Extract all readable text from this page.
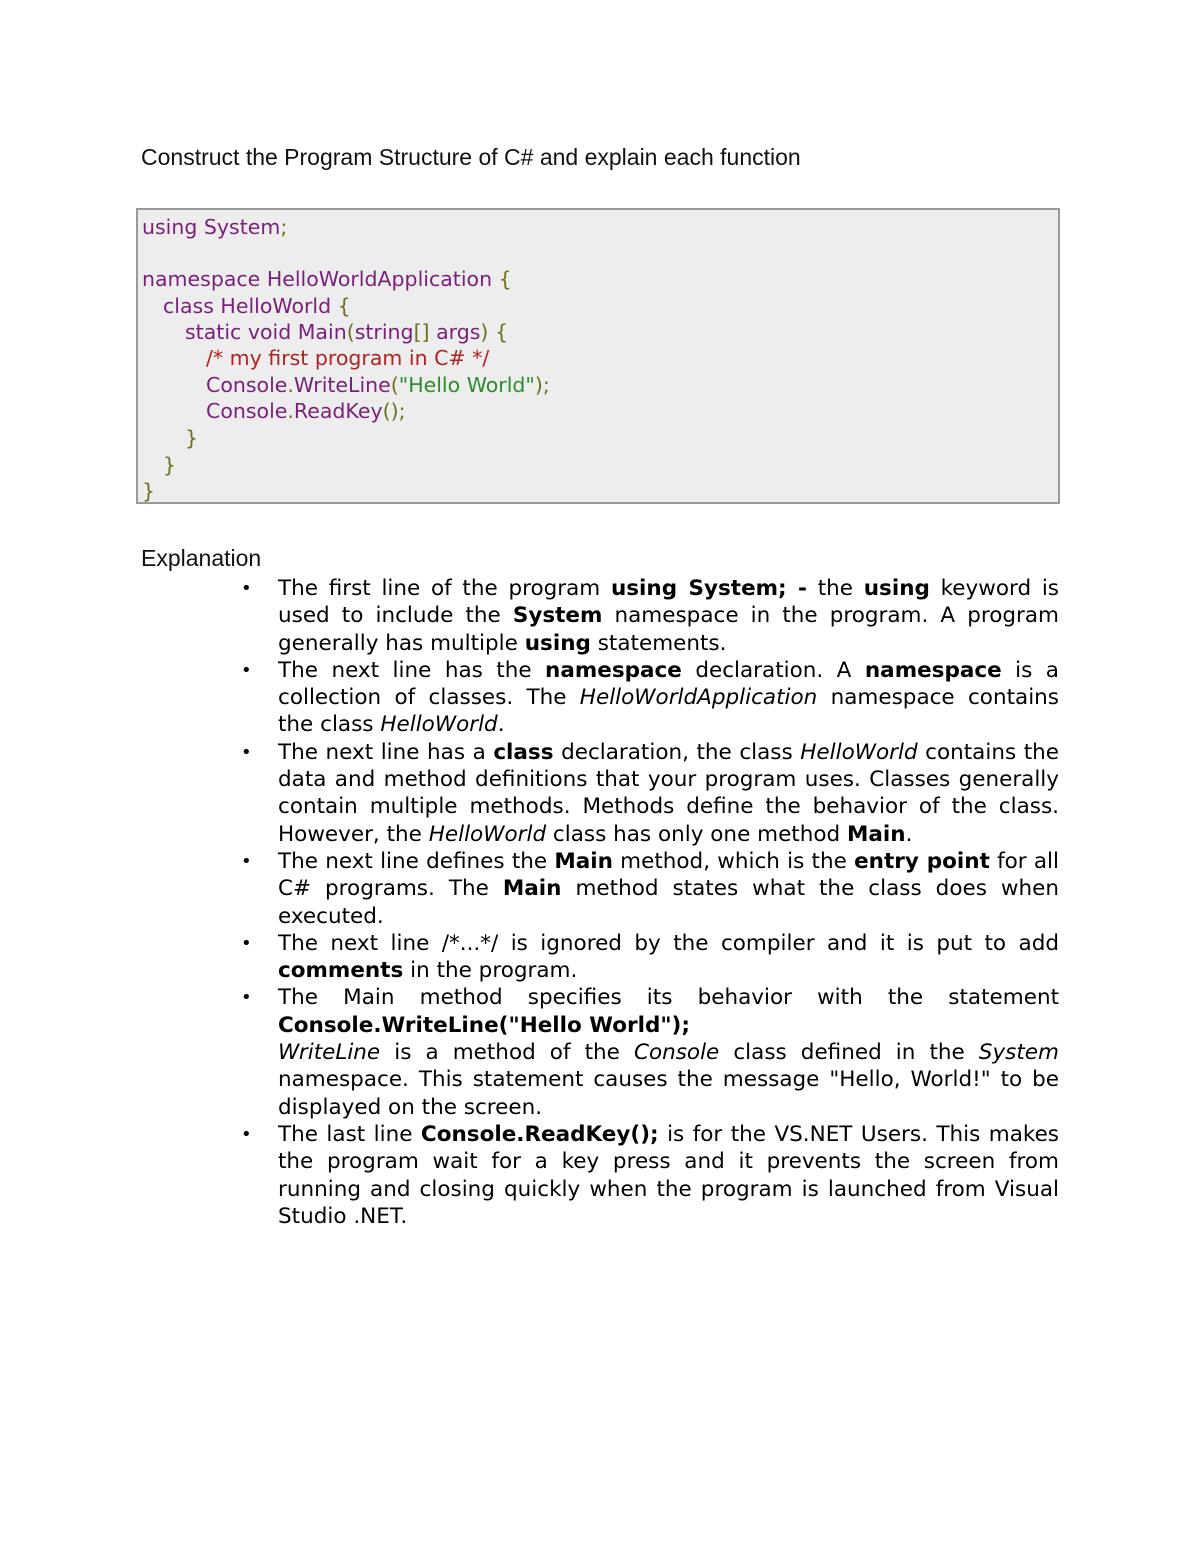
Construct the Program Structure of C# and explain each function
using System;
namespace HelloWorldApplication {
class HelloWorld {
static void Main(string[] args) {
/* my first program in C# */
Console.WriteLine("Hello World");
Console.ReadKey();
}
}
}
Explanation
• The first line of the program using System; - the using keyword is used to include the System namespace in the program. A program generally has multiple using statements.
• The next line has the namespace declaration. A namespace is a collection of classes. The HelloWorldApplication namespace contains the class HelloWorld.
• The next line has a class declaration, the class HelloWorld contains the data and method definitions that your program uses. Classes generally contain multiple methods. Methods define the behavior of the class. However, the HelloWorld class has only one method Main.
• The next line defines the Main method, which is the entry point for all C# programs. The Main method states what the class does when executed.
• The next line /*...*/ is ignored by the compiler and it is put to add comments in the program.
• The Main method specifies its behavior with the statement Console.WriteLine("Hello World");
WriteLine is a method of the Console class defined in the System namespace. This statement causes the message "Hello, World!" to be displayed on the screen.
• The last line Console.ReadKey(); is for the VS.NET Users. This makes the program wait for a key press and it prevents the screen from running and closing quickly when the program is launched from Visual Studio .NET.
